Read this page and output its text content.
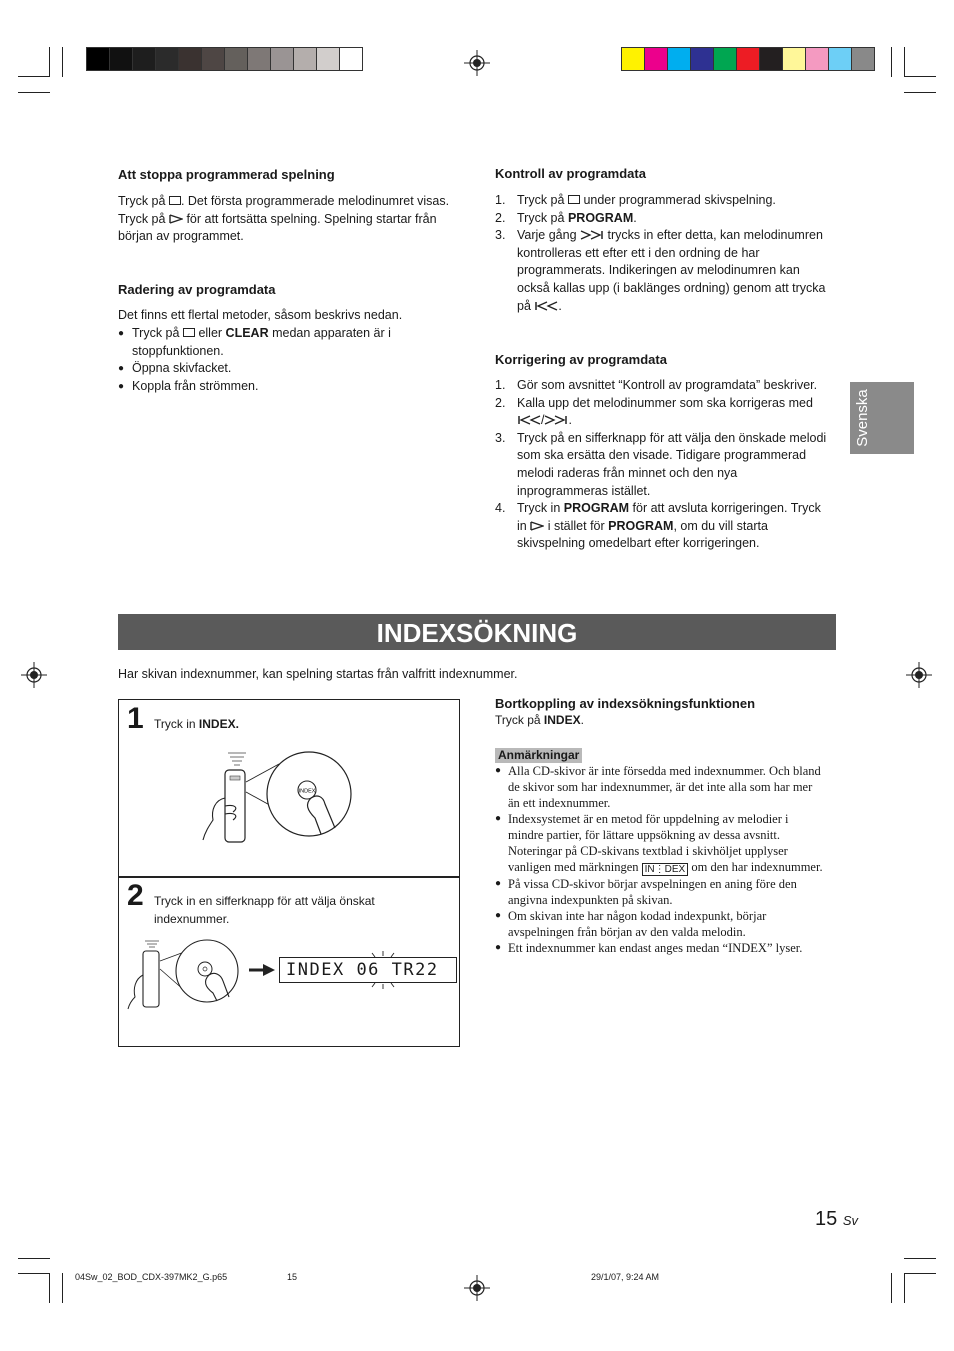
Att stoppa programmerad spelning
Tryck på . Det första programmerade melodinumret visas.
Tryck på för att fortsätta spelning. Spelning startar från
början av programmet.
Radering av programdata
Det finns ett flertal metoder, såsom beskrivs nedan.
● Tryck på eller CLEAR medan apparaten är i
stoppfunktionen.
● Öppna skivfacket.
● Koppla från strömmen.
Kontroll av programdata
1. Tryck på under programmerad skivspelning.
2. Tryck på PROGRAM.
3. Varje gång trycks in efter detta, kan melodinumren
kontrolleras ett efter ett i den ordning de har
programmerats. Indikeringen av melodinumren kan
också kallas upp (i baklänges ordning) genom att trycka
på .
Korrigering av programdata
1. Gör som avsnittet “Kontroll av programdata” beskriver.
2. Kalla upp det melodinummer som ska korrigeras med
/ .
3. Tryck på en sifferknapp för att välja den önskade melodi
som ska ersätta den visade. Tidigare programmerad
melodi raderas från minnet och den nya
inprogrammeras istället.
4. Tryck in PROGRAM för att avsluta korrigeringen. Tryck
in i stället för PROGRAM, om du vill starta
skivspelning omedelbart efter korrigeringen.
Svenska
INDEXSÖKNING
Har skivan indexnummer, kan spelning startas från valfritt indexnummer.
1 Tryck in INDEX.
INDEX
2 Tryck in en sifferknapp för att välja önskat
indexnummer.
INDEX 06 TR22
Bortkoppling av indexsökningsfunktionen
Tryck på INDEX.
Anmärkningar
● Alla CD-skivor är inte försedda med indexnummer. Och bland
de skivor som har indexnummer, är det inte alla som har mer
än ett indexnummer.
● Indexsystemet är en metod för uppdelning av melodier i
mindre partier, för lättare uppsökning av dessa avsnitt.
Noteringar på CD-skivans textblad i skivhöljet upplyser
vanligen med märkningen IN⋮DEX om den har indexnummer.
● På vissa CD-skivor börjar avspelningen en aning före den
angivna indexpunkten på skivan.
● Om skivan inte har någon kodad indexpunkt, börjar
avspelningen från början av den valda melodin.
● Ett indexnummer kan endast anges medan “INDEX” lyser.
15 Sv
04Sw_02_BOD_CDX-397MK2_G.p65	15	29/1/07, 9:24 AM
